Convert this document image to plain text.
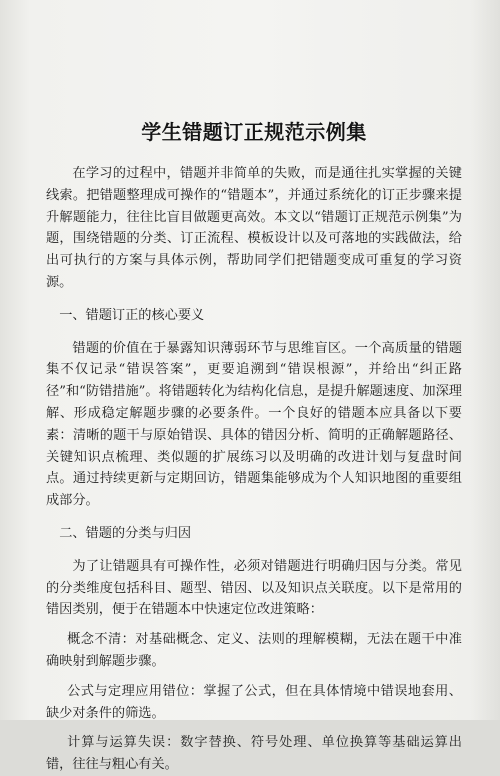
学生错题订正规范示例集

在学习的过程中，错题并非简单的失败，而是通往扎实掌握的关键线索。把错题整理成可操作的“错题本”，并通过系统化的订正步骤来提升解题能力，往往比盲目做题更高效。本文以“错题订正规范示例集”为题，围绕错题的分类、订正流程、模板设计以及可落地的实践做法，给出可执行的方案与具体示例，帮助同学们把错题变成可重复的学习资源。

一、错题订正的核心要义

错题的价值在于暴露知识薄弱环节与思维盲区。一个高质量的错题集不仅记录“错误答案”，更要追溯到“错误根源”，并给出“纠正路径”和“防错措施”。将错题转化为结构化信息，是提升解题速度、加深理解、形成稳定解题步骤的必要条件。一个良好的错题本应具备以下要素：清晰的题干与原始错误、具体的错因分析、简明的正确解题路径、关键知识点梳理、类似题的扩展练习以及明确的改进计划与复盘时间点。通过持续更新与定期回访，错题集能够成为个人知识地图的重要组成部分。

二、错题的分类与归因

为了让错题具有可操作性，必须对错题进行明确归因与分类。常见的分类维度包括科目、题型、错因、以及知识点关联度。以下是常用的错因类别，便于在错题本中快速定位改进策略：

概念不清：对基础概念、定义、法则的理解模糊，无法在题干中准确映射到解题步骤。

公式与定理应用错位：掌握了公式，但在具体情境中错误地套用、缺少对条件的筛选。

计算与运算失误：数字替换、符号处理、单位换算等基础运算出错，往往与粗心有关。
